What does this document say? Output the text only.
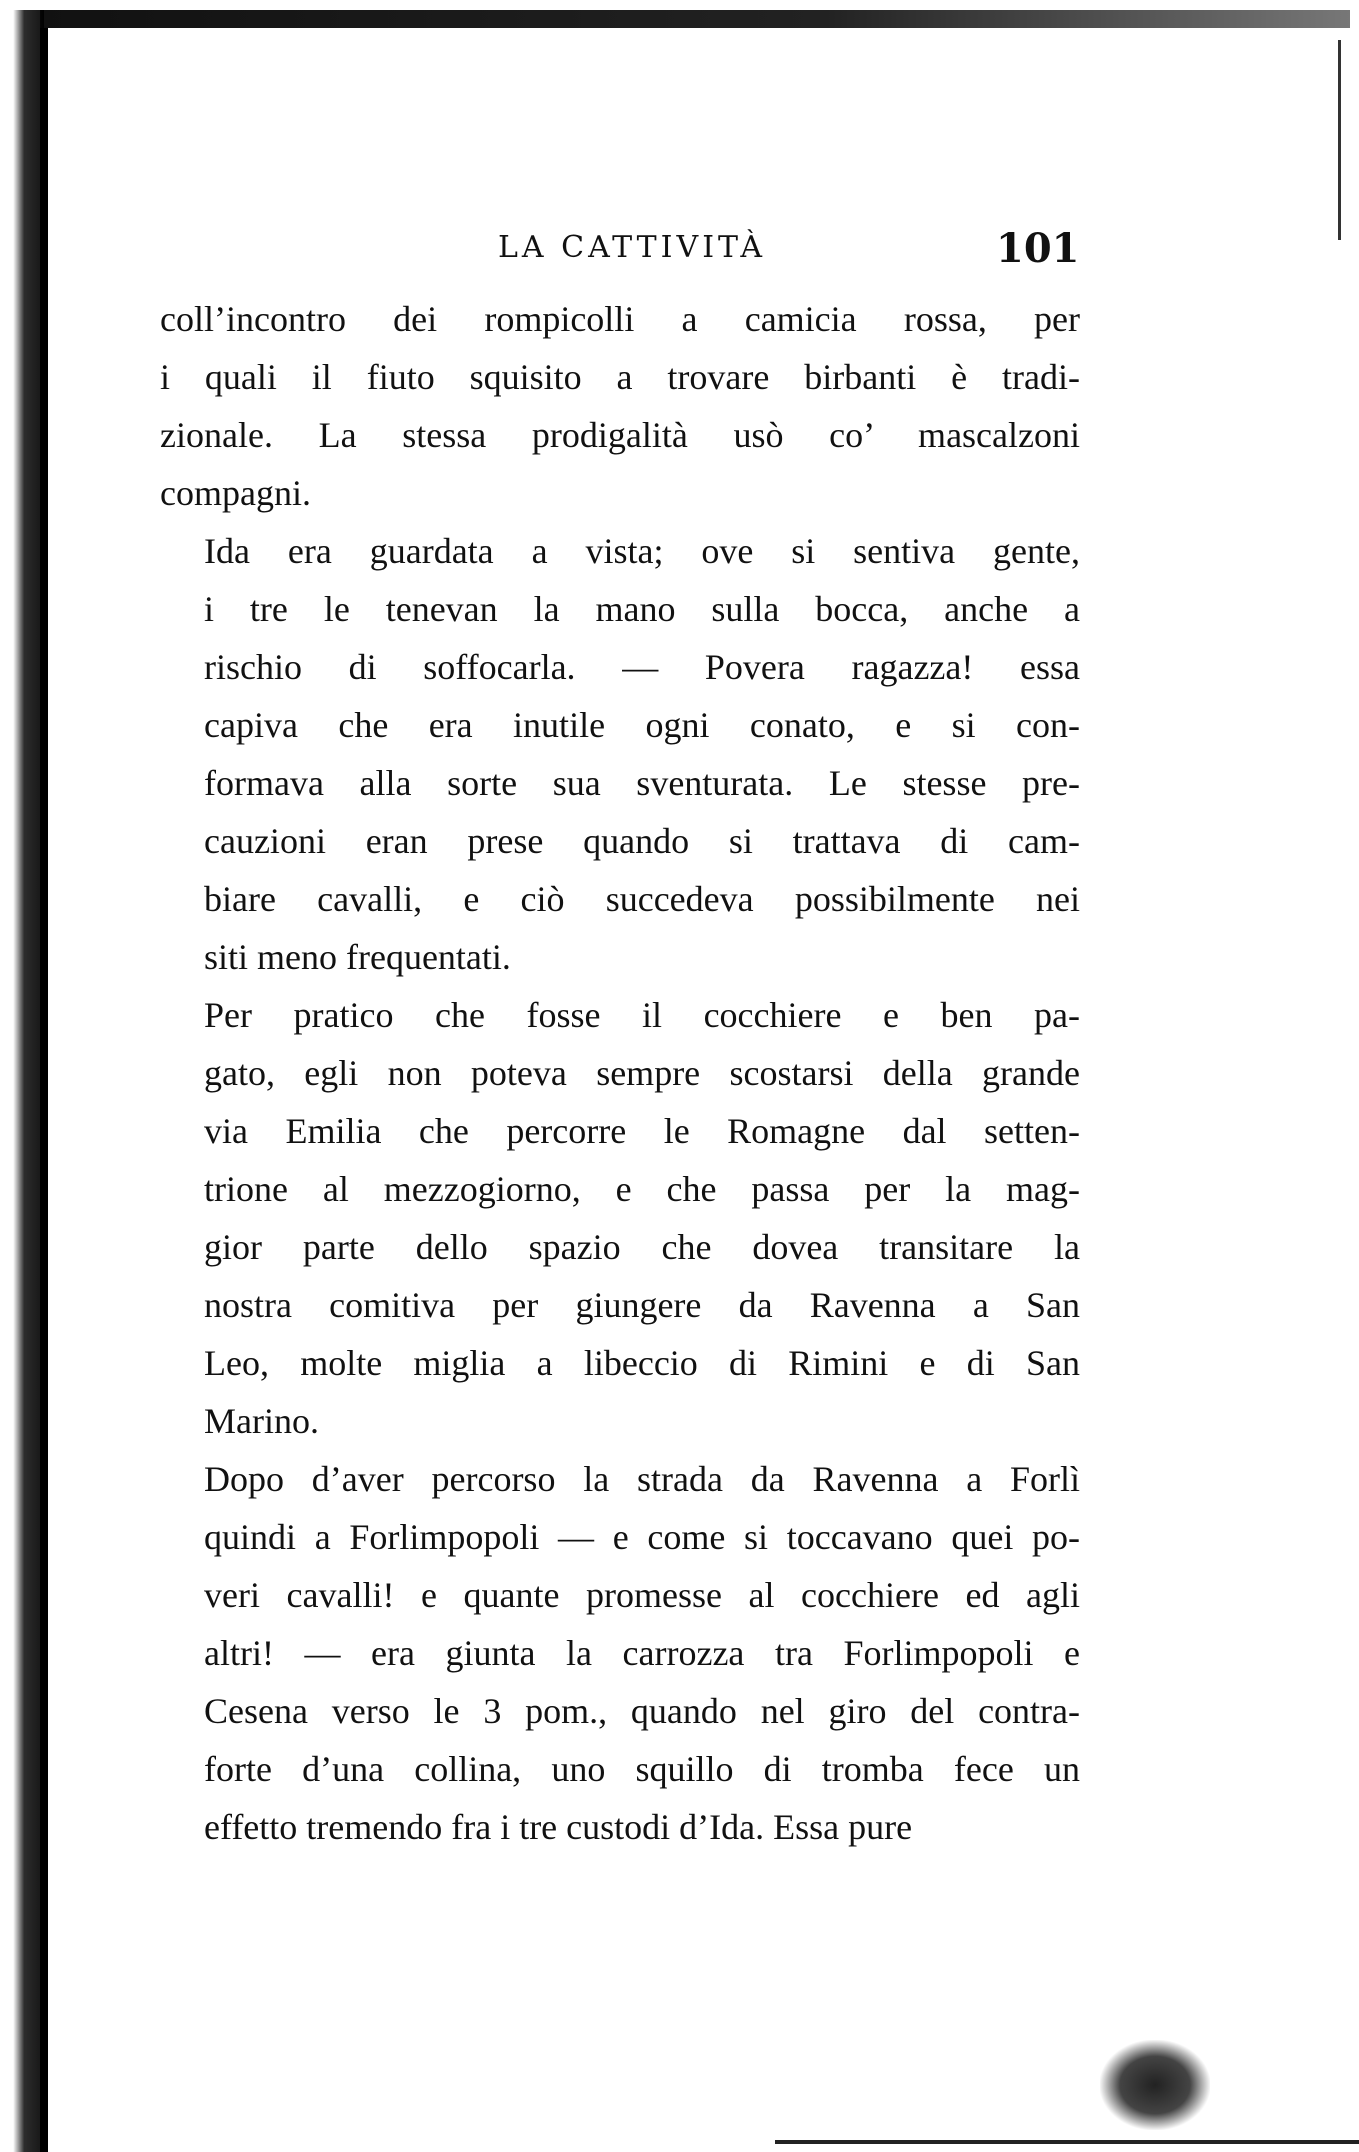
LA CATTIVITÀ	101

coll’incontro dei rompicolli a camicia rossa, per
i quali il fiuto squisito a trovare birbanti è tradi-
zionale. La stessa prodigalità usò co’ mascalzoni
compagni.

Ida era guardata a vista; ove si sentiva gente,
i tre le tenevan la mano sulla bocca, anche a
rischio di soffocarla. — Povera ragazza! essa
capiva che era inutile ogni conato, e si con-
formava alla sorte sua sventurata. Le stesse pre-
cauzioni eran prese quando si trattava di cam-
biare cavalli, e ciò succedeva possibilmente nei
siti meno frequentati.

Per pratico che fosse il cocchiere e ben pa-
gato, egli non poteva sempre scostarsi della grande
via Emilia che percorre le Romagne dal setten-
trione al mezzogiorno, e che passa per la mag-
gior parte dello spazio che dovea transitare la
nostra comitiva per giungere da Ravenna a San
Leo, molte miglia a libeccio di Rimini e di San
Marino.

Dopo d’aver percorso la strada da Ravenna a Forlì
quindi a Forlimpopoli — e come si toccavano quei po-
veri cavalli! e quante promesse al cocchiere ed agli
altri! — era giunta la carrozza tra Forlimpopoli e
Cesena verso le 3 pom., quando nel giro del contra-
forte d’una collina, uno squillo di tromba fece un
effetto tremendo fra i tre custodi d’Ida. Essa pure
